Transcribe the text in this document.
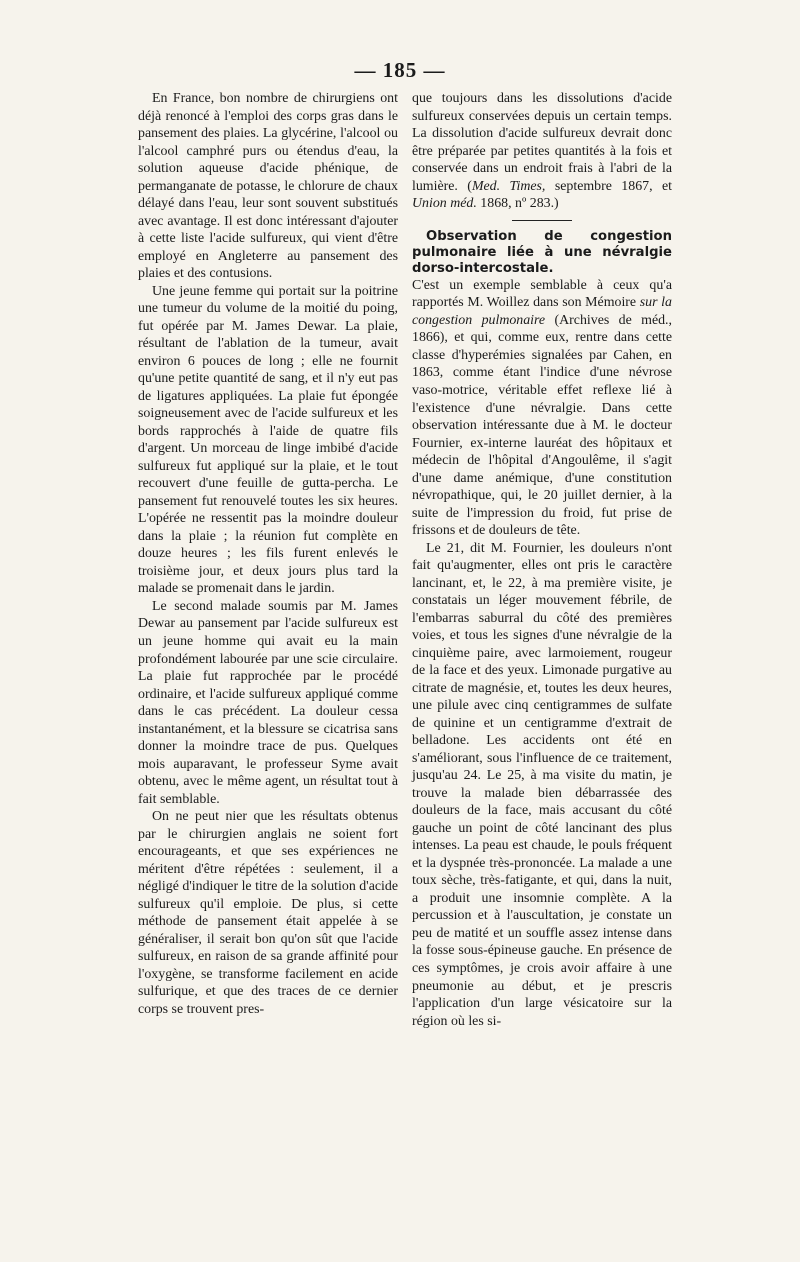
— 185 —

En France, bon nombre de chirurgiens ont déjà renoncé à l'emploi des corps gras dans le pansement des plaies. La glycérine, l'alcool ou l'alcool camphré purs ou étendus d'eau, la solution aqueuse d'acide phénique, de permanganate de potasse, le chlorure de chaux délayé dans l'eau, leur sont souvent substitués avec avantage. Il est donc intéressant d'ajouter à cette liste l'acide sulfureux, qui vient d'être employé en Angleterre au pansement des plaies et des contusions.

Une jeune femme qui portait sur la poitrine une tumeur du volume de la moitié du poing, fut opérée par M. James Dewar. La plaie, résultant de l'ablation de la tumeur, avait environ 6 pouces de long ; elle ne fournit qu'une petite quantité de sang, et il n'y eut pas de ligatures appliquées. La plaie fut épongée soigneusement avec de l'acide sulfureux et les bords rapprochés à l'aide de quatre fils d'argent. Un morceau de linge imbibé d'acide sulfureux fut appliqué sur la plaie, et le tout recouvert d'une feuille de gutta-percha. Le pansement fut renouvelé toutes les six heures. L'opérée ne ressentit pas la moindre douleur dans la plaie ; la réunion fut complète en douze heures ; les fils furent enlevés le troisième jour, et deux jours plus tard la malade se promenait dans le jardin.

Le second malade soumis par M. James Dewar au pansement par l'acide sulfureux est un jeune homme qui avait eu la main profondément labourée par une scie circulaire. La plaie fut rapprochée par le procédé ordinaire, et l'acide sulfureux appliqué comme dans le cas précédent. La douleur cessa instantanément, et la blessure se cicatrisa sans donner la moindre trace de pus. Quelques mois auparavant, le professeur Syme avait obtenu, avec le même agent, un résultat tout à fait semblable.

On ne peut nier que les résultats obtenus par le chirurgien anglais ne soient fort encourageants, et que ses expériences ne méritent d'être répétées : seulement, il a négligé d'indiquer le titre de la solution d'acide sulfureux qu'il emploie. De plus, si cette méthode de pansement était appelée à se généraliser, il serait bon qu'on sût que l'acide sulfureux, en raison de sa grande affinité pour l'oxygène, se transforme facilement en acide sulfurique, et que des traces de ce dernier corps se trouvent pres-

que toujours dans les dissolutions d'acide sulfureux conservées depuis un certain temps. La dissolution d'acide sulfureux devrait donc être préparée par petites quantités à la fois et conservée dans un endroit frais à l'abri de la lumière. (Med. Times, septembre 1867, et Union méd. 1868, nº 283.)

Observation de congestion pulmonaire liée à une névralgie dorso-intercostale.

C'est un exemple semblable à ceux qu'a rapportés M. Woillez dans son Mémoire sur la congestion pulmonaire (Archives de méd., 1866), et qui, comme eux, rentre dans cette classe d'hyperémies signalées par Cahen, en 1863, comme étant l'indice d'une névrose vaso-motrice, véritable effet reflexe lié à l'existence d'une névralgie. Dans cette observation intéressante due à M. le docteur Fournier, ex-interne lauréat des hôpitaux et médecin de l'hôpital d'Angoulême, il s'agit d'une dame anémique, d'une constitution névropathique, qui, le 20 juillet dernier, à la suite de l'impression du froid, fut prise de frissons et de douleurs de tête.

Le 21, dit M. Fournier, les douleurs n'ont fait qu'augmenter, elles ont pris le caractère lancinant, et, le 22, à ma première visite, je constatais un léger mouvement fébrile, de l'embarras saburral du côté des premières voies, et tous les signes d'une névralgie de la cinquième paire, avec larmoiement, rougeur de la face et des yeux. Limonade purgative au citrate de magnésie, et, toutes les deux heures, une pilule avec cinq centigrammes de sulfate de quinine et un centigramme d'extrait de belladone. Les accidents ont été en s'améliorant, sous l'influence de ce traitement, jusqu'au 24. Le 25, à ma visite du matin, je trouve la malade bien débarrassée des douleurs de la face, mais accusant du côté gauche un point de côté lancinant des plus intenses. La peau est chaude, le pouls fréquent et la dyspnée très-prononcée. La malade a une toux sèche, très-fatigante, et qui, dans la nuit, a produit une insomnie complète. A la percussion et à l'auscultation, je constate un peu de matité et un souffle assez intense dans la fosse sous-épineuse gauche. En présence de ces symptômes, je crois avoir affaire à une pneumonie au début, et je prescris l'application d'un large vésicatoire sur la région où les si-
